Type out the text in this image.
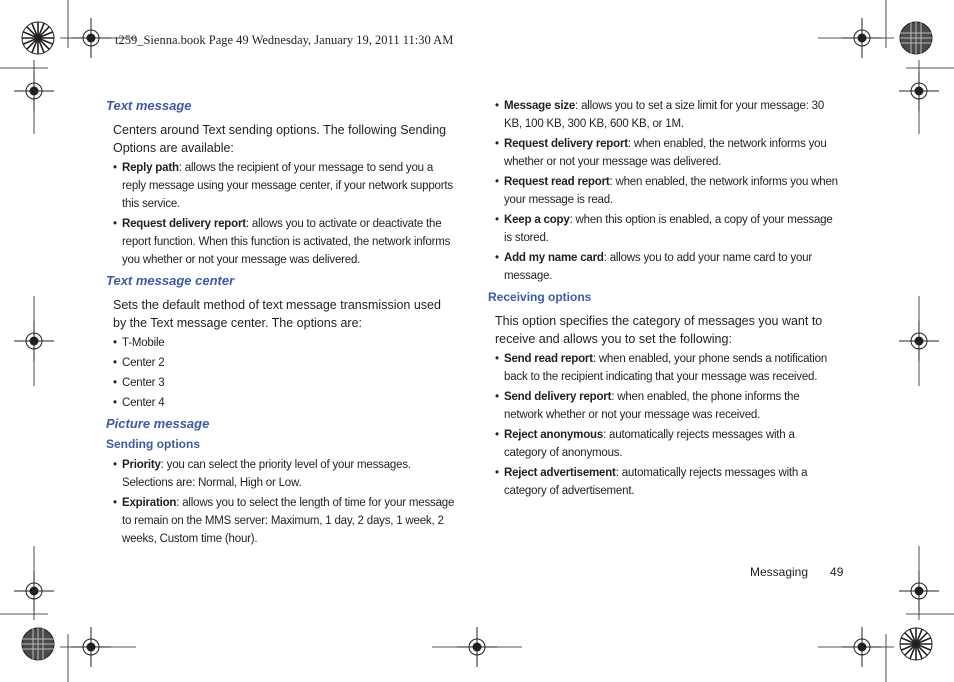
t259_Sienna.book Page 49 Wednesday, January 19, 2011 11:30 AM
Text message
Centers around Text sending options. The following Sending Options are available:
• Reply path: allows the recipient of your message to send you a reply message using your message center, if your network supports this service.
• Request delivery report: allows you to activate or deactivate the report function. When this function is activated, the network informs you whether or not your message was delivered.
Text message center
Sets the default method of text message transmission used by the Text message center. The options are:
• T-Mobile
• Center 2
• Center 3
• Center 4
Picture message
Sending options
• Priority: you can select the priority level of your messages. Selections are: Normal, High or Low.
• Expiration: allows you to select the length of time for your message to remain on the MMS server: Maximum, 1 day, 2 days, 1 week, 2 weeks, Custom time (hour).
• Message size: allows you to set a size limit for your message: 30 KB, 100 KB, 300 KB, 600 KB, or 1M.
• Request delivery report: when enabled, the network informs you whether or not your message was delivered.
• Request read report: when enabled, the network informs you when your message is read.
• Keep a copy: when this option is enabled, a copy of your message is stored.
• Add my name card: allows you to add your name card to your message.
Receiving options
This option specifies the category of messages you want to receive and allows you to set the following:
• Send read report: when enabled, your phone sends a notification back to the recipient indicating that your message was received.
• Send delivery report: when enabled, the phone informs the network whether or not your message was received.
• Reject anonymous: automatically rejects messages with a category of anonymous.
• Reject advertisement: automatically rejects messages with a category of advertisement.
Messaging 49
